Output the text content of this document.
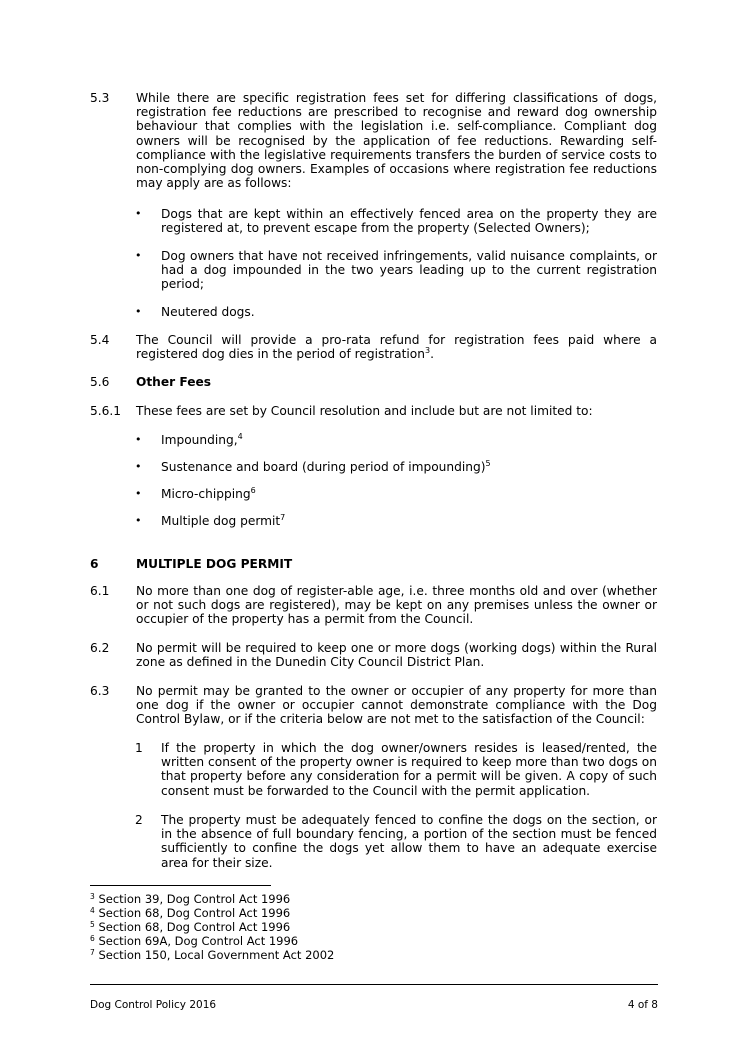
5.3 While there are specific registration fees set for differing classifications of dogs, registration fee reductions are prescribed to recognise and reward dog ownership behaviour that complies with the legislation i.e. self-compliance. Compliant dog owners will be recognised by the application of fee reductions. Rewarding self-compliance with the legislative requirements transfers the burden of service costs to non-complying dog owners. Examples of occasions where registration fee reductions may apply are as follows:
• Dogs that are kept within an effectively fenced area on the property they are registered at, to prevent escape from the property (Selected Owners);
• Dog owners that have not received infringements, valid nuisance complaints, or had a dog impounded in the two years leading up to the current registration period;
• Neutered dogs.
5.4 The Council will provide a pro-rata refund for registration fees paid where a registered dog dies in the period of registration$^3$.
5.6 Other Fees
5.6.1 These fees are set by Council resolution and include but are not limited to:
• Impounding,$^4$
• Sustenance and board (during period of impounding)$^5$
• Micro-chipping$^6$
• Multiple dog permit$^7$
6	MULTIPLE DOG PERMIT
6.1 No more than one dog of register-able age, i.e. three months old and over (whether or not such dogs are registered), may be kept on any premises unless the owner or occupier of the property has a permit from the Council.
6.2 No permit will be required to keep one or more dogs (working dogs) within the Rural zone as defined in the Dunedin City Council District Plan.
6.3 No permit may be granted to the owner or occupier of any property for more than one dog if the owner or occupier cannot demonstrate compliance with the Dog Control Bylaw, or if the criteria below are not met to the satisfaction of the Council:
1 If the property in which the dog owner/owners resides is leased/rented, the written consent of the property owner is required to keep more than two dogs on that property before any consideration for a permit will be given. A copy of such consent must be forwarded to the Council with the permit application.
2 The property must be adequately fenced to confine the dogs on the section, or in the absence of full boundary fencing, a portion of the section must be fenced sufficiently to confine the dogs yet allow them to have an adequate exercise area for their size.
$^3$ Section 39, Dog Control Act 1996
$^4$ Section 68, Dog Control Act 1996
$^5$ Section 68, Dog Control Act 1996
$^6$ Section 69A, Dog Control Act 1996
$^7$ Section 150, Local Government Act 2002
Dog Control Policy 2016	4 of 8
